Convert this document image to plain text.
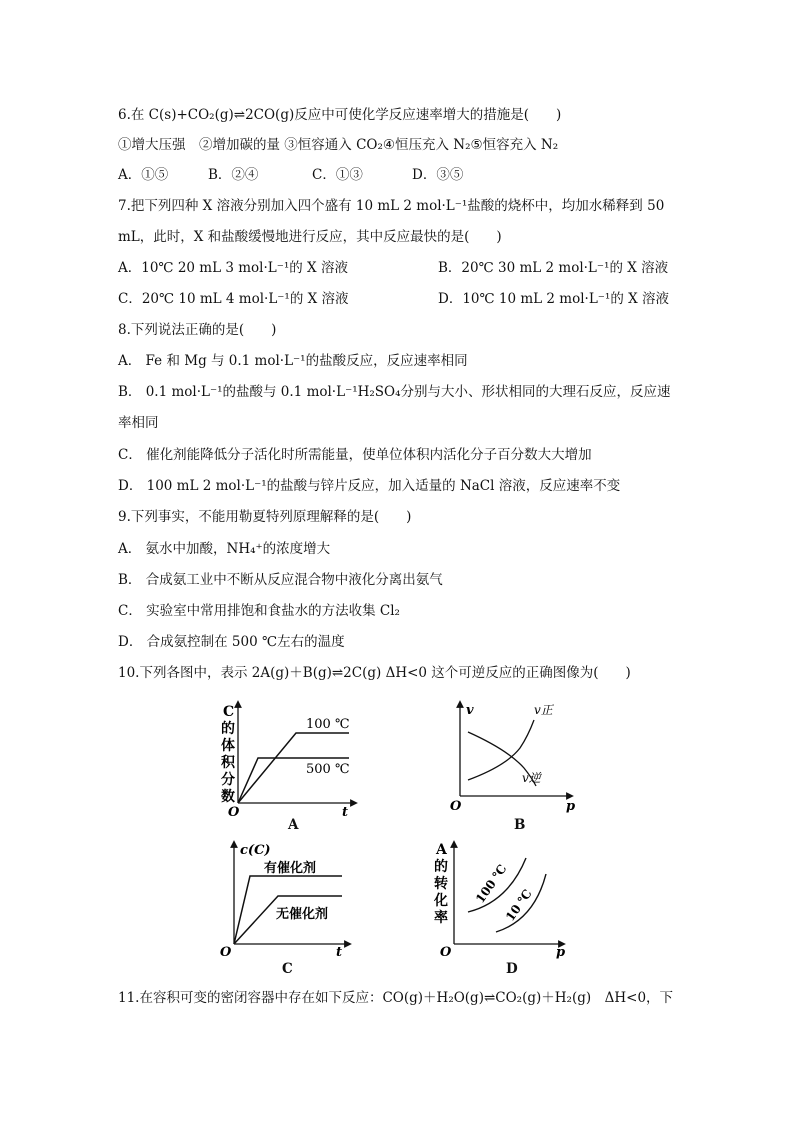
6.在 C(s)+CO₂(g)⇌2CO(g)反应中可使化学反应速率增大的措施是(　　)
①增大压强　②增加碳的量 ③恒容通入 CO₂④恒压充入 N₂⑤恒容充入 N₂
A．①⑤	B．②④	C．①③	D．③⑤
7.把下列四种 X 溶液分别加入四个盛有 10 mL 2 mol·L⁻¹盐酸的烧杯中，均加水稀释到 50
mL，此时，X 和盐酸缓慢地进行反应，其中反应最快的是(　　)
A．10℃ 20 mL 3 mol·L⁻¹的 X 溶液	B．20℃ 30 mL 2 mol·L⁻¹的 X 溶液
C．20℃ 10 mL 4 mol·L⁻¹的 X 溶液	D．10℃ 10 mL 2 mol·L⁻¹的 X 溶液
8.下列说法正确的是(　　)
A． Fe 和 Mg 与 0.1 mol·L⁻¹的盐酸反应，反应速率相同
B． 0.1 mol·L⁻¹的盐酸与 0.1 mol·L⁻¹H₂SO₄分别与大小、形状相同的大理石反应，反应速
率相同
C． 催化剂能降低分子活化时所需能量，使单位体积内活化分子百分数大大增加
D． 100 mL 2 mol·L⁻¹的盐酸与锌片反应，加入适量的 NaCl 溶液，反应速率不变
9.下列事实，不能用勒夏特列原理解释的是(　　)
A． 氨水中加酸，NH₄⁺的浓度增大
B． 合成氨工业中不断从反应混合物中液化分离出氨气
C． 实验室中常用排饱和食盐水的方法收集 Cl₂
D． 合成氨控制在 500 ℃左右的温度
10.下列各图中，表示 2A(g)＋B(g)⇌2C(g) ΔH<0 这个可逆反应的正确图像为(　　)
C 的体积分数
100 ℃
500 ℃
O	t
A
v	v正
v逆
O	p
B
c(C)
有催化剂
无催化剂
O	t
C
A 的转化率
100 ℃
10 ℃
O	p
D
11.在容积可变的密闭容器中存在如下反应：CO(g)＋H₂O(g)⇌CO₂(g)＋H₂(g)　ΔH<0，下
